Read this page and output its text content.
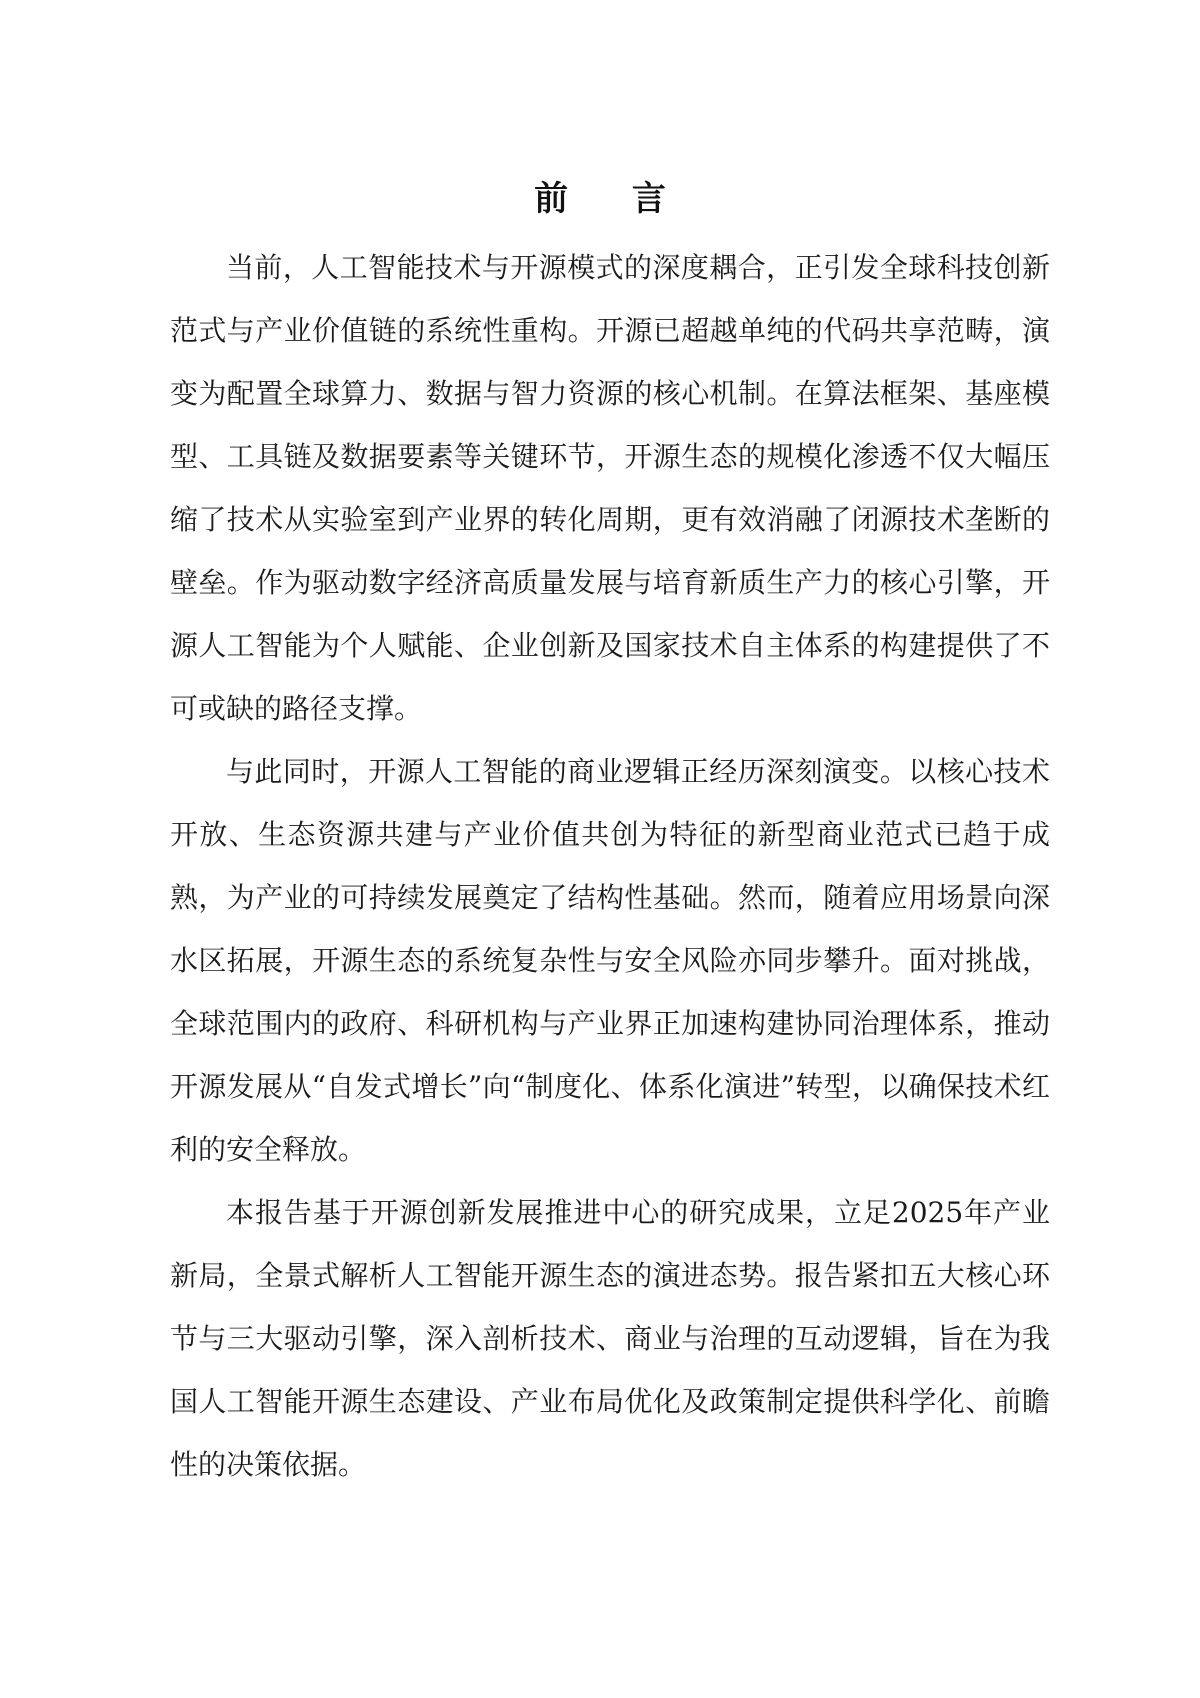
前 言

当前，人工智能技术与开源模式的深度耦合，正引发全球科技创新范式与产业价值链的系统性重构。开源已超越单纯的代码共享范畴，演变为配置全球算力、数据与智力资源的核心机制。在算法框架、基座模型、工具链及数据要素等关键环节，开源生态的规模化渗透不仅大幅压缩了技术从实验室到产业界的转化周期，更有效消融了闭源技术垄断的壁垒。作为驱动数字经济高质量发展与培育新质生产力的核心引擎，开源人工智能为个人赋能、企业创新及国家技术自主体系的构建提供了不可或缺的路径支撑。

与此同时，开源人工智能的商业逻辑正经历深刻演变。以核心技术开放、生态资源共建与产业价值共创为特征的新型商业范式已趋于成熟，为产业的可持续发展奠定了结构性基础。然而，随着应用场景向深水区拓展，开源生态的系统复杂性与安全风险亦同步攀升。面对挑战，全球范围内的政府、科研机构与产业界正加速构建协同治理体系，推动开源发展从“自发式增长”向“制度化、体系化演进”转型，以确保技术红利的安全释放。

本报告基于开源创新发展推进中心的研究成果，立足2025年产业新局，全景式解析人工智能开源生态的演进态势。报告紧扣五大核心环节与三大驱动引擎，深入剖析技术、商业与治理的互动逻辑，旨在为我国人工智能开源生态建设、产业布局优化及政策制定提供科学化、前瞻性的决策依据。
